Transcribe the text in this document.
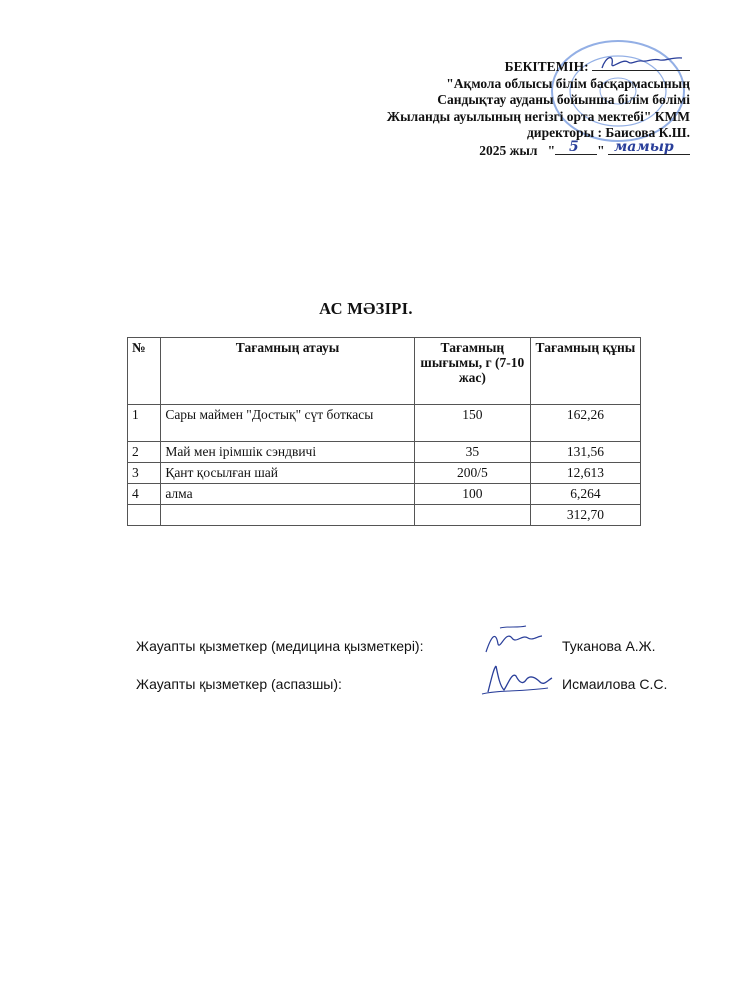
БЕКІТЕМІН:
"Ақмола облысы білім басқармасының
Сандықтау ауданы бойынша білім бөлімі
Жыланды ауылының негізгі орта мектебі" КММ
директоры : Баисова К.Ш.
2025 жыл " 5 " мамыр
АС МӘЗІРІ.
№	Тағамның атауы	Тағамның шығымы, г (7-10 жас)	Тағамның құны
1	Сары маймен "Достық" сүт боткасы	150	162,26
2	Май мен ірімшік сэндвичі	35	131,56
3	Қант қосылған шай	200/5	12,613
4	алма	100	6,264
			312,70
Жауапты қызметкер (медицина қызметкері):	Туканова А.Ж.
Жауапты қызметкер (аспазшы):	Исмаилова С.С.
